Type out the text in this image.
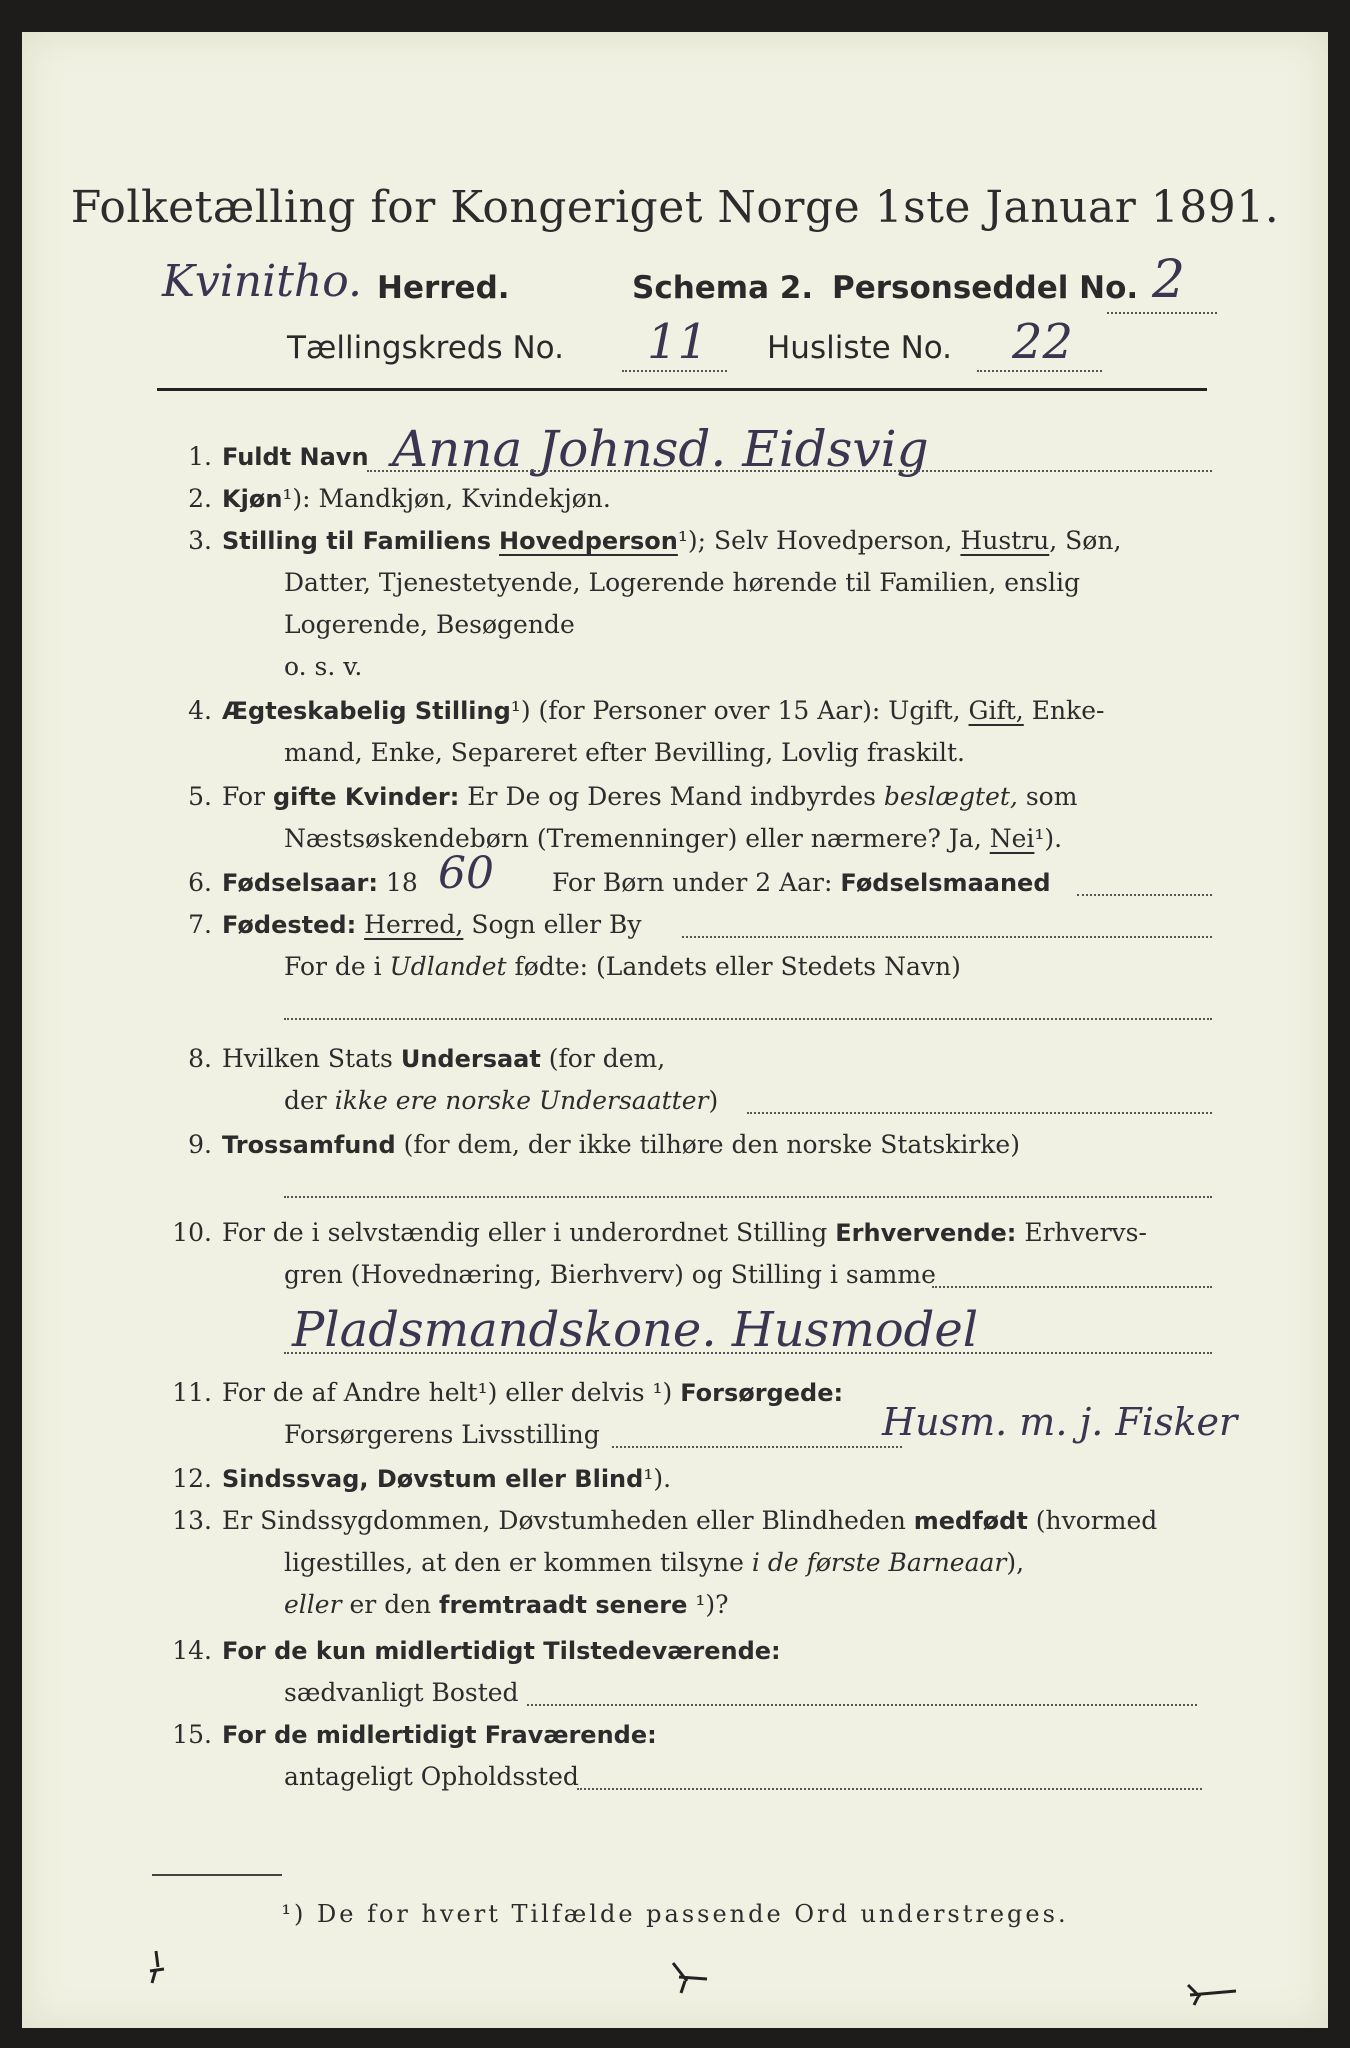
Folketælling for Kongeriget Norge 1ste Januar 1891.
Kvinitho. Herred.	Schema 2. Personseddel No. 2
Tællingskreds No. 11 Husliste No. 22
1. Fuldt Navn Anna Johnsd. Eidsvig
2. Kjøn¹): Mandkjøn, Kvindekjøn.
3. Stilling til Familiens Hovedperson¹); Selv Hovedperson, Hustru, Søn,
Datter, Tjenestetyende, Logerende hørende til Familien, enslig
Logerende, Besøgende
o. s. v.
4. Ægteskabelig Stilling¹) (for Personer over 15 Aar): Ugift, Gift, Enke-
mand, Enke, Separeret efter Bevilling, Lovlig fraskilt.
5. For gifte Kvinder: Er De og Deres Mand indbyrdes beslægtet, som
Næstsøskendebørn (Tremenninger) eller nærmere? Ja, Nei¹).
6. Fødselsaar: 18 60 For Børn under 2 Aar: Fødselsmaaned
7. Fødested: Herred, Sogn eller By
For de i Udlandet fødte: (Landets eller Stedets Navn)
8. Hvilken Stats Undersaat (for dem,
der ikke ere norske Undersaatter)
9. Trossamfund (for dem, der ikke tilhøre den norske Statskirke)
10. For de i selvstændig eller i underordnet Stilling Erhvervende: Erhvervs-
gren (Hovednæring, Bierhverv) og Stilling i samme
Pladsmandskone. Husmodel
11. For de af Andre helt¹) eller delvis ¹) Forsørgede:
Forsørgerens Livsstilling	Husm. m. j. Fisker
12. Sindssvag, Døvstum eller Blind¹).
13. Er Sindssygdommen, Døvstumheden eller Blindheden medfødt (hvormed
ligestilles, at den er kommen tilsyne i de første Barneaar),
eller er den fremtraadt senere ¹)?
14. For de kun midlertidigt Tilstedeværende:
sædvanligt Bosted
15. For de midlertidigt Fraværende:
antageligt Opholdssted
¹) De for hvert Tilfælde passende Ord understreges.
